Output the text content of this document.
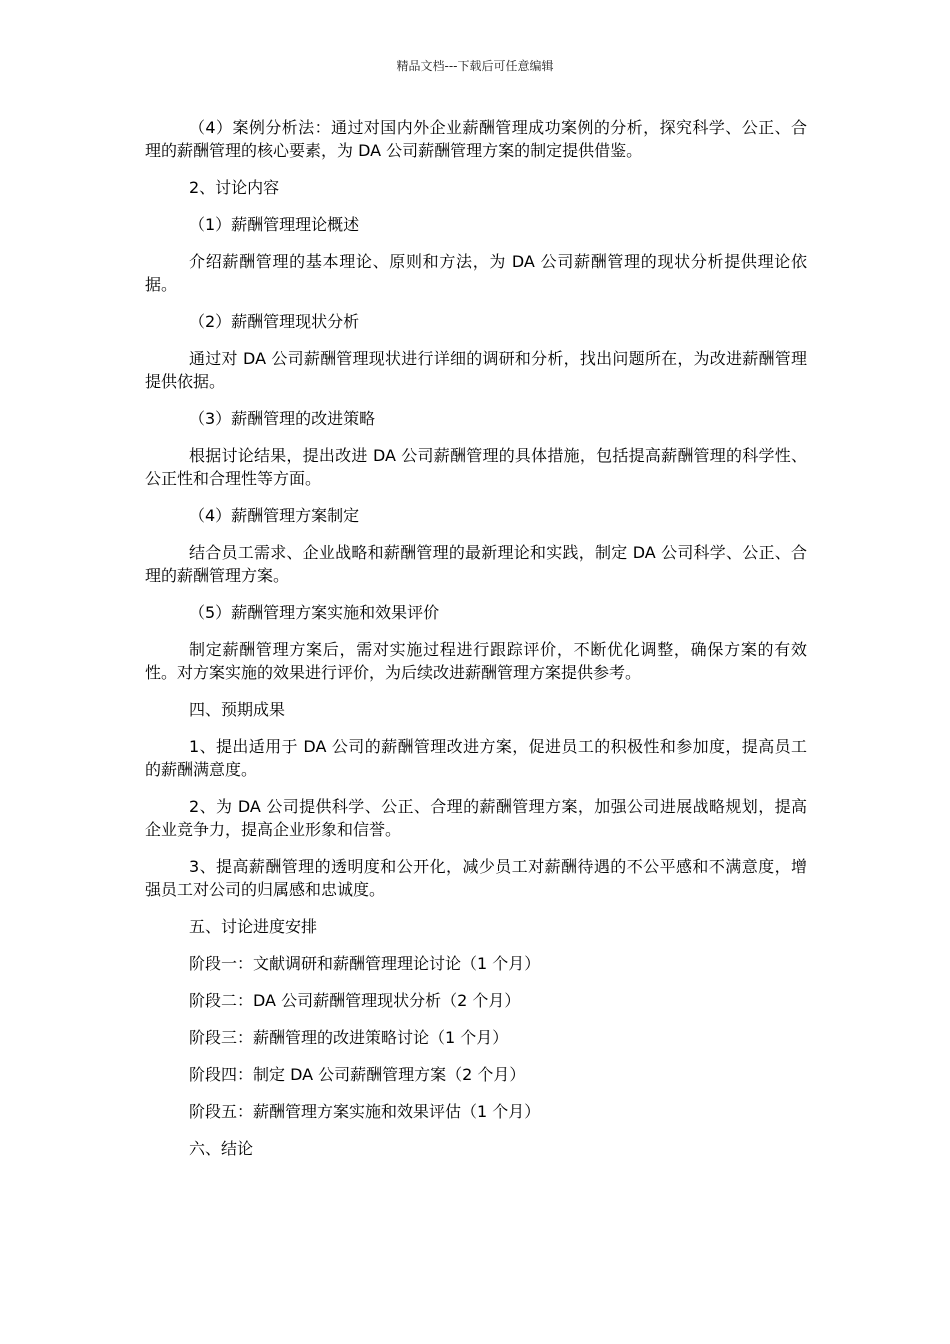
精品文档---下载后可任意编辑

（4）案例分析法：通过对国内外企业薪酬管理成功案例的分析，探究科学、公正、合理的薪酬管理的核心要素，为 DA 公司薪酬管理方案的制定提供借鉴。

2、讨论内容

（1）薪酬管理理论概述

介绍薪酬管理的基本理论、原则和方法，为 DA 公司薪酬管理的现状分析提供理论依据。

（2）薪酬管理现状分析

通过对 DA 公司薪酬管理现状进行详细的调研和分析，找出问题所在，为改进薪酬管理提供依据。

（3）薪酬管理的改进策略

根据讨论结果，提出改进 DA 公司薪酬管理的具体措施，包括提高薪酬管理的科学性、公正性和合理性等方面。

（4）薪酬管理方案制定

结合员工需求、企业战略和薪酬管理的最新理论和实践，制定 DA 公司科学、公正、合理的薪酬管理方案。

（5）薪酬管理方案实施和效果评价

制定薪酬管理方案后，需对实施过程进行跟踪评价，不断优化调整，确保方案的有效性。对方案实施的效果进行评价，为后续改进薪酬管理方案提供参考。

四、预期成果

1、提出适用于 DA 公司的薪酬管理改进方案，促进员工的积极性和参加度，提高员工的薪酬满意度。

2、为 DA 公司提供科学、公正、合理的薪酬管理方案，加强公司进展战略规划，提高企业竞争力，提高企业形象和信誉。

3、提高薪酬管理的透明度和公开化，减少员工对薪酬待遇的不公平感和不满意度，增强员工对公司的归属感和忠诚度。

五、讨论进度安排

阶段一：文献调研和薪酬管理理论讨论（1 个月）

阶段二：DA 公司薪酬管理现状分析（2 个月）

阶段三：薪酬管理的改进策略讨论（1 个月）

阶段四：制定 DA 公司薪酬管理方案（2 个月）

阶段五：薪酬管理方案实施和效果评估（1 个月）

六、结论
